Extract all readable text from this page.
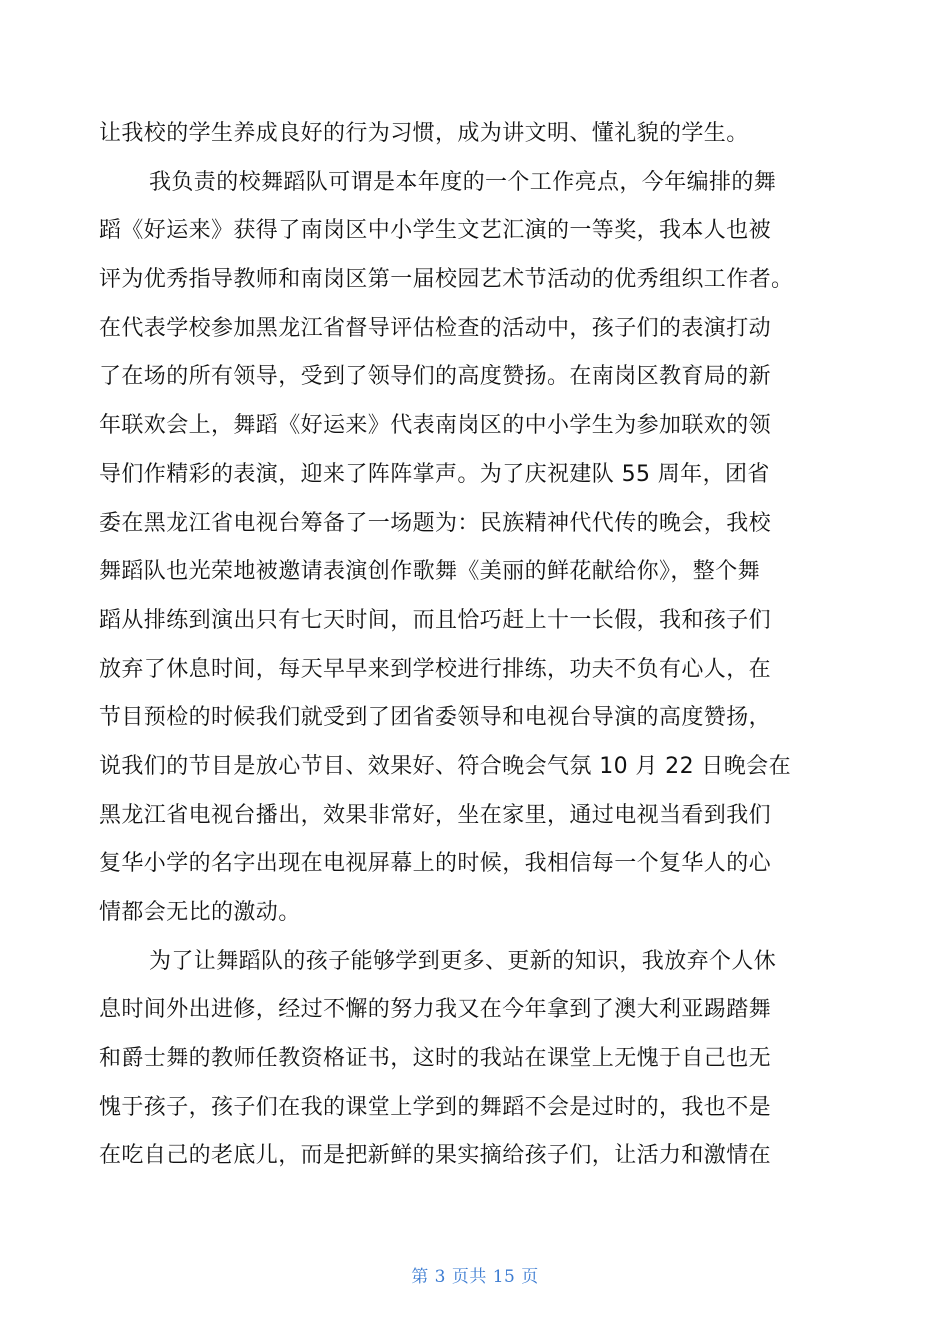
让我校的学生养成良好的行为习惯，成为讲文明、懂礼貌的学生。
我负责的校舞蹈队可谓是本年度的一个工作亮点，今年编排的舞
蹈《好运来》获得了南岗区中小学生文艺汇演的一等奖，我本人也被
评为优秀指导教师和南岗区第一届校园艺术节活动的优秀组织工作者。
在代表学校参加黑龙江省督导评估检查的活动中，孩子们的表演打动
了在场的所有领导，受到了领导们的高度赞扬。在南岗区教育局的新
年联欢会上，舞蹈《好运来》代表南岗区的中小学生为参加联欢的领
导们作精彩的表演，迎来了阵阵掌声。为了庆祝建队 55 周年，团省
委在黑龙江省电视台筹备了一场题为：民族精神代代传的晚会，我校
舞蹈队也光荣地被邀请表演创作歌舞《美丽的鲜花献给你》，整个舞
蹈从排练到演出只有七天时间，而且恰巧赶上十一长假，我和孩子们
放弃了休息时间，每天早早来到学校进行排练，功夫不负有心人，在
节目预检的时候我们就受到了团省委领导和电视台导演的高度赞扬，
说我们的节目是放心节目、效果好、符合晚会气氛 10 月 22 日晚会在
黑龙江省电视台播出，效果非常好，坐在家里，通过电视当看到我们
复华小学的名字出现在电视屏幕上的时候，我相信每一个复华人的心
情都会无比的激动。
为了让舞蹈队的孩子能够学到更多、更新的知识，我放弃个人休
息时间外出进修，经过不懈的努力我又在今年拿到了澳大利亚踢踏舞
和爵士舞的教师任教资格证书，这时的我站在课堂上无愧于自己也无
愧于孩子，孩子们在我的课堂上学到的舞蹈不会是过时的，我也不是
在吃自己的老底儿，而是把新鲜的果实摘给孩子们，让活力和激情在
第 3 页共 15 页
